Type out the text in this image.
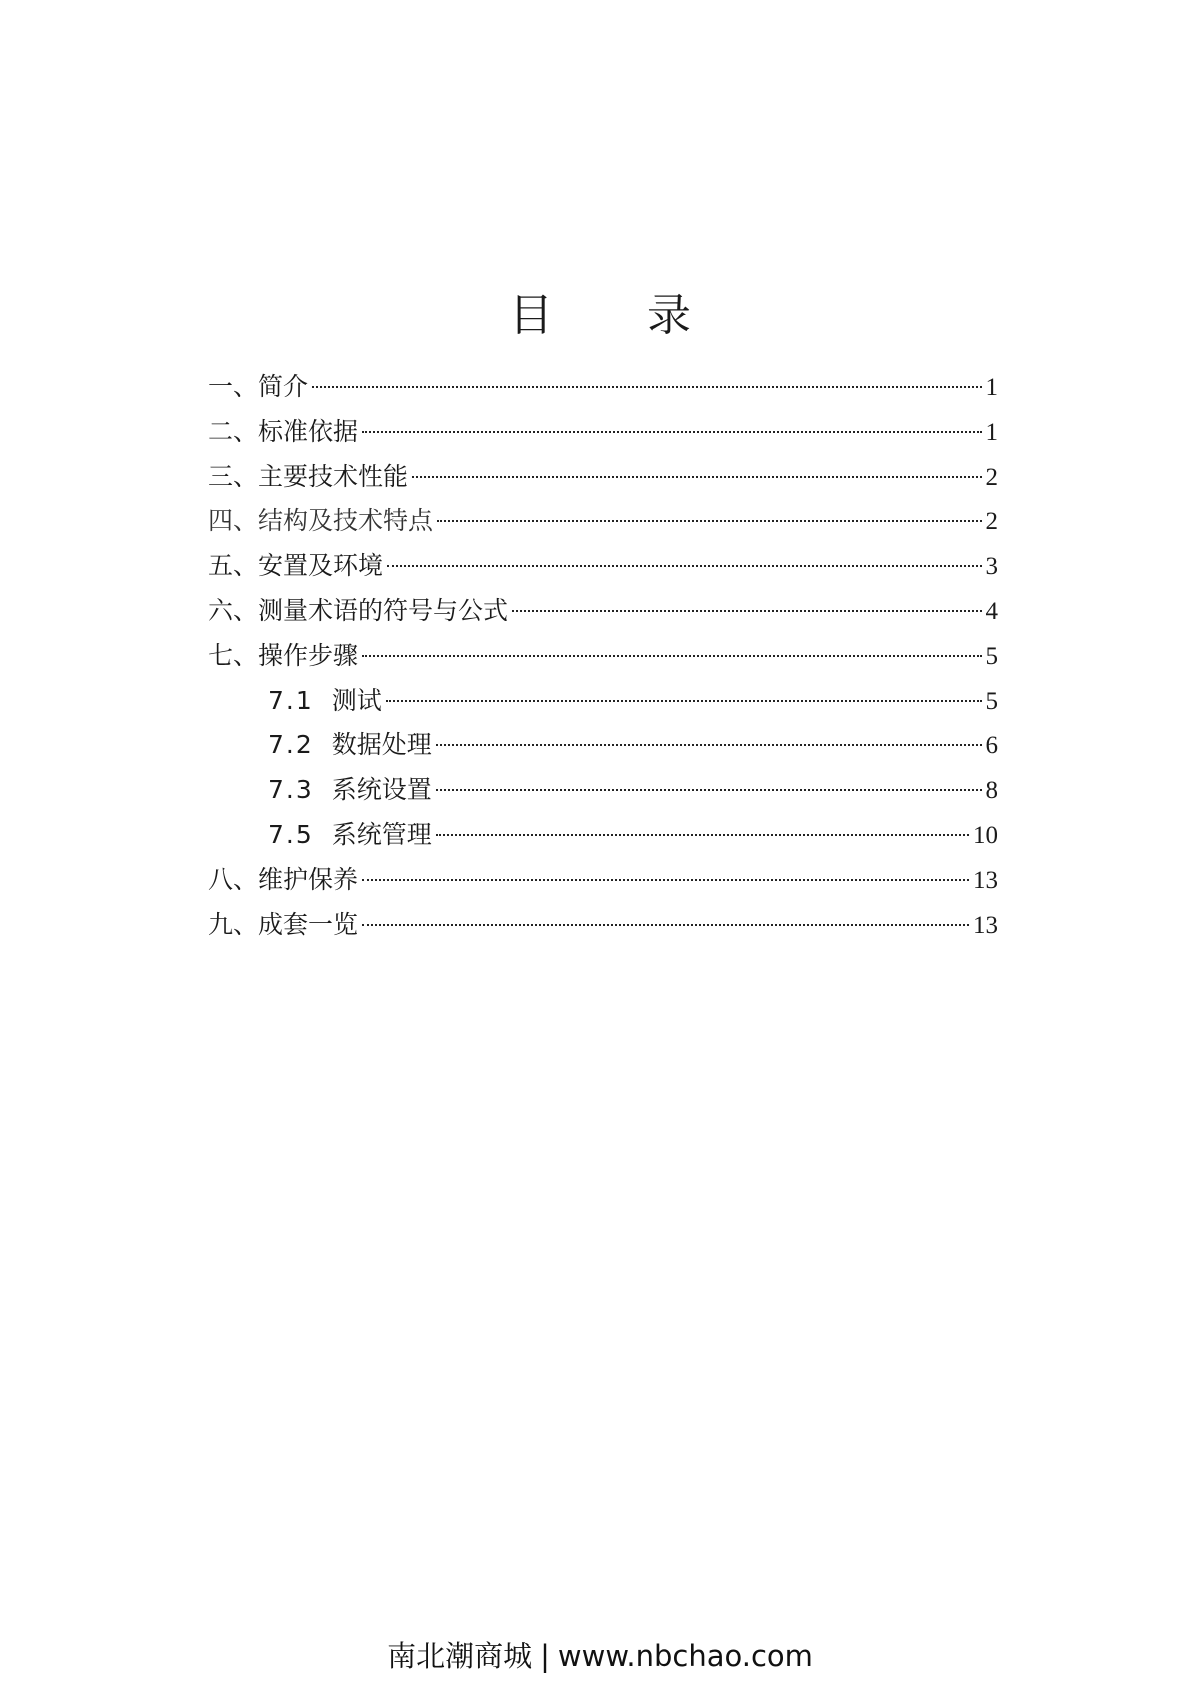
目 录
一、简介	1
二、标准依据	1
三、主要技术性能	2
四、结构及技术特点	2
五、安置及环境	3
六、测量术语的符号与公式	4
七、操作步骤	5
7.1 测试	5
7.2 数据处理	6
7.3 系统设置	8
7.5 系统管理	10
八、维护保养	13
九、成套一览	13
南北潮商城 | www.nbchao.com
